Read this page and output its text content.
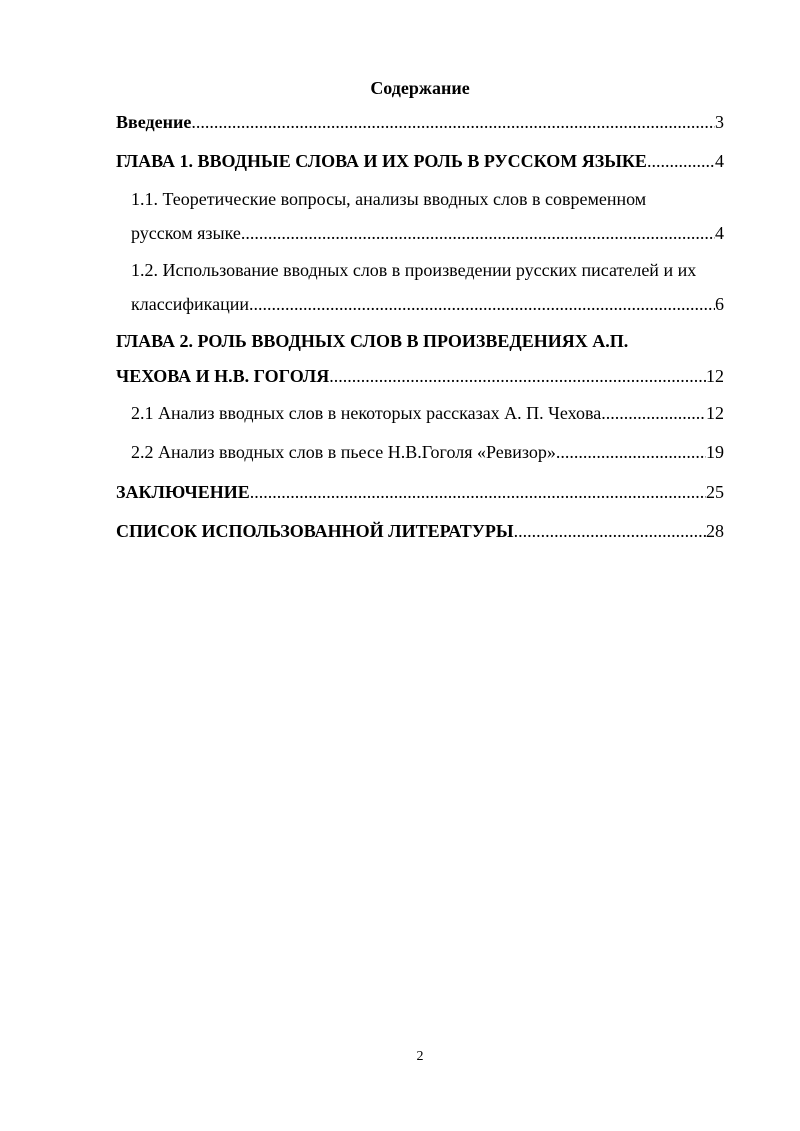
Содержание
Введение .....	3
ГЛАВА 1. ВВОДНЫЕ СЛОВА И ИХ РОЛЬ В РУССКОМ ЯЗЫКЕ .....	4
1.1. Теоретические вопросы, анализы вводных слов в современном
русском языке .....	4
1.2. Использование вводных слов в произведении русских писателей и их
классификации .....	6
ГЛАВА 2. РОЛЬ ВВОДНЫХ СЛОВ В ПРОИЗВЕДЕНИЯХ А.П.
ЧЕХОВА И Н.В. ГОГОЛЯ .....	12
2.1 Анализ вводных слов в некоторых рассказах А. П. Чехова .....	12
2.2 Анализ вводных слов в пьесе Н.В.Гоголя «Ревизор» .....	19
ЗАКЛЮЧЕНИЕ .....	25
СПИСОК ИСПОЛЬЗОВАННОЙ ЛИТЕРАТУРЫ .....	28
2
